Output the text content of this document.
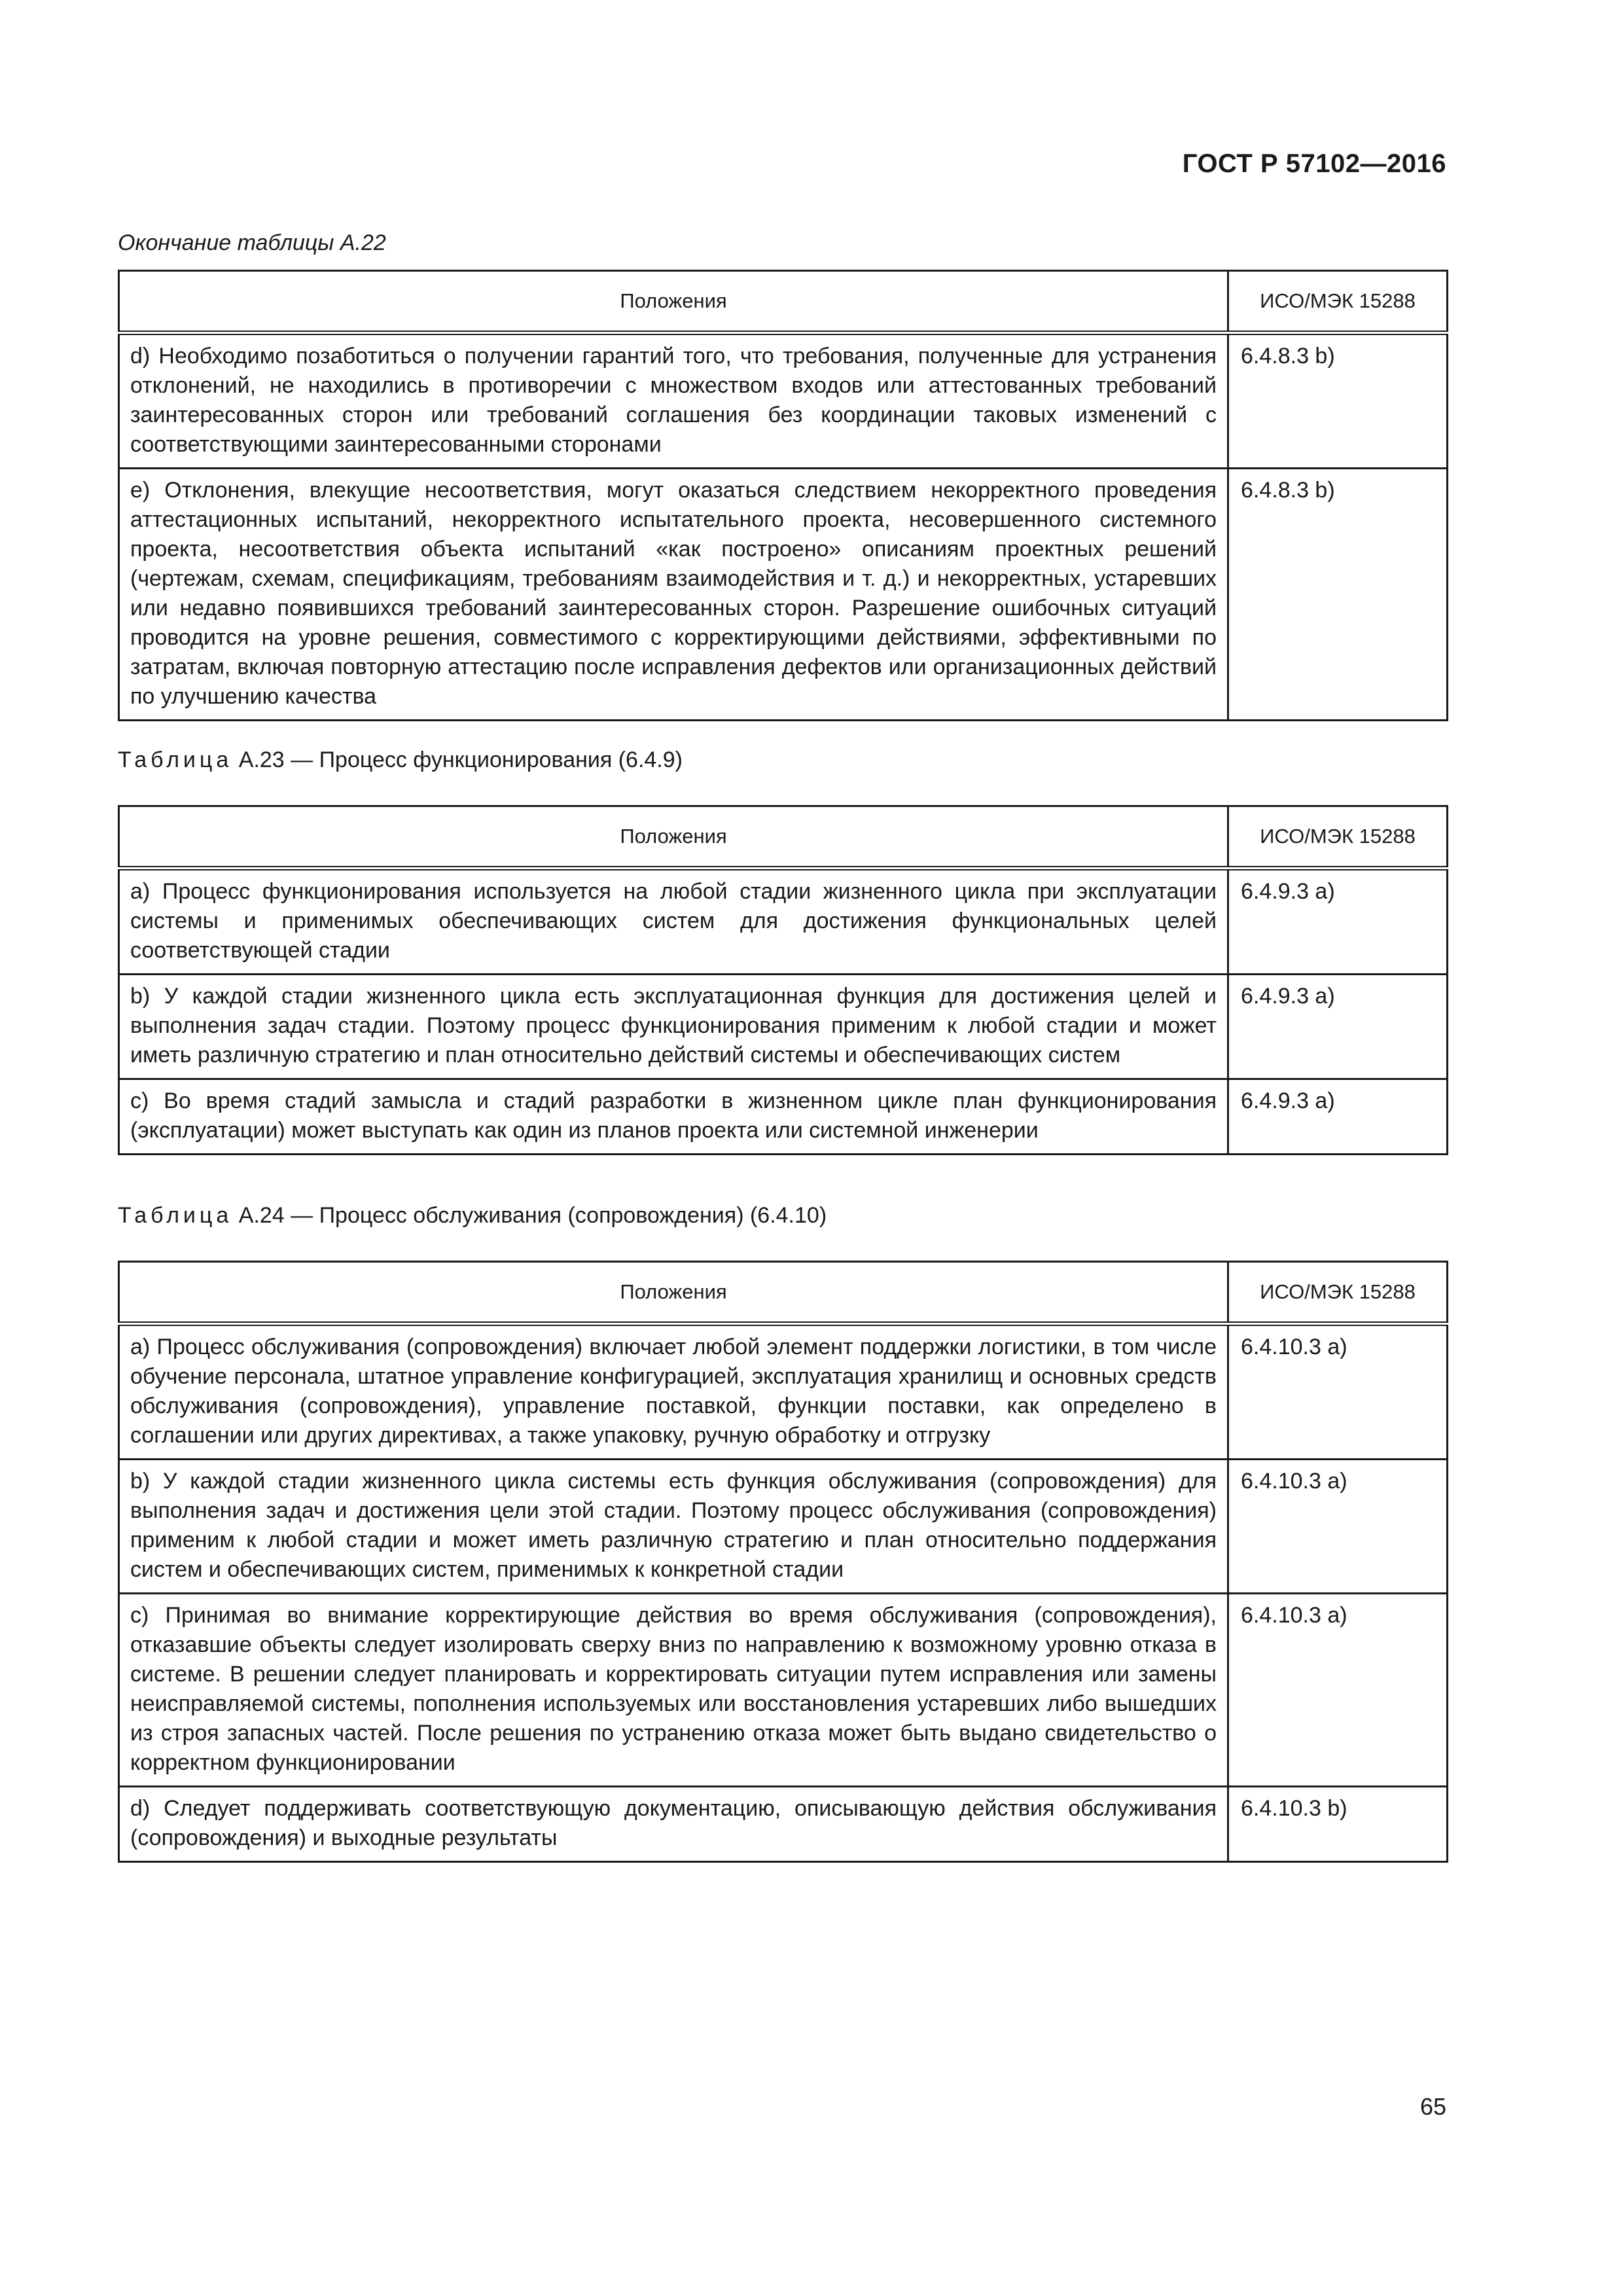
ГОСТ Р 57102—2016
Окончание таблицы А.22
Положения	ИСО/МЭК 15288
d) Необходимо позаботиться о получении гарантий того, что требования, полученные для устранения отклонений, не находились в противоречии с множеством входов или аттестованных требований заинтересованных сторон или требований соглашения без координации таковых изменений с соответствующими заинтересованными сторонами	6.4.8.3 b)
e) Отклонения, влекущие несоответствия, могут оказаться следствием некорректного проведения аттестационных испытаний, некорректного испытательного проекта, несовершенного системного проекта, несоответствия объекта испытаний «как построено» описаниям проектных решений (чертежам, схемам, спецификациям, требованиям взаимодействия и т. д.) и некорректных, устаревших или недавно появившихся требований заинтересованных сторон. Разрешение ошибочных ситуаций проводится на уровне решения, совместимого с корректирующими действиями, эффективными по затратам, включая повторную аттестацию после исправления дефектов или организационных действий по улучшению качества	6.4.8.3 b)
Таблица А.23 — Процесс функционирования (6.4.9)
Положения	ИСО/МЭК 15288
а) Процесс функционирования используется на любой стадии жизненного цикла при эксплуатации системы и применимых обеспечивающих систем для достижения функциональных целей соответствующей стадии	6.4.9.3 а)
b) У каждой стадии жизненного цикла есть эксплуатационная функция для достижения целей и выполнения задач стадии. Поэтому процесс функционирования применим к любой стадии и может иметь различную стратегию и план относительно действий системы и обеспечивающих систем	6.4.9.3 а)
с) Во время стадий замысла и стадий разработки в жизненном цикле план функционирования (эксплуатации) может выступать как один из планов проекта или системной инженерии	6.4.9.3 а)
Таблица А.24 — Процесс обслуживания (сопровождения) (6.4.10)
Положения	ИСО/МЭК 15288
а) Процесс обслуживания (сопровождения) включает любой элемент поддержки логистики, в том числе обучение персонала, штатное управление конфигурацией, эксплуатация хранилищ и основных средств обслуживания (сопровождения), управление поставкой, функции поставки, как определено в соглашении или других директивах, а также упаковку, ручную обработку и отгрузку	6.4.10.3 а)
b) У каждой стадии жизненного цикла системы есть функция обслуживания (сопровождения) для выполнения задач и достижения цели этой стадии. Поэтому процесс обслуживания (сопровождения) применим к любой стадии и может иметь различную стратегию и план относительно поддержания систем и обеспечивающих систем, применимых к конкретной стадии	6.4.10.3 а)
с) Принимая во внимание корректирующие действия во время обслуживания (сопровождения), отказавшие объекты следует изолировать сверху вниз по направлению к возможному уровню отказа в системе. В решении следует планировать и корректировать ситуации путем исправления или замены неисправляемой системы, пополнения используемых или восстановления устаревших либо вышедших из строя запасных частей. После решения по устранению отказа может быть выдано свидетельство о корректном функционировании	6.4.10.3 а)
d) Следует поддерживать соответствующую документацию, описывающую действия обслуживания (сопровождения) и выходные результаты	6.4.10.3 b)
65
